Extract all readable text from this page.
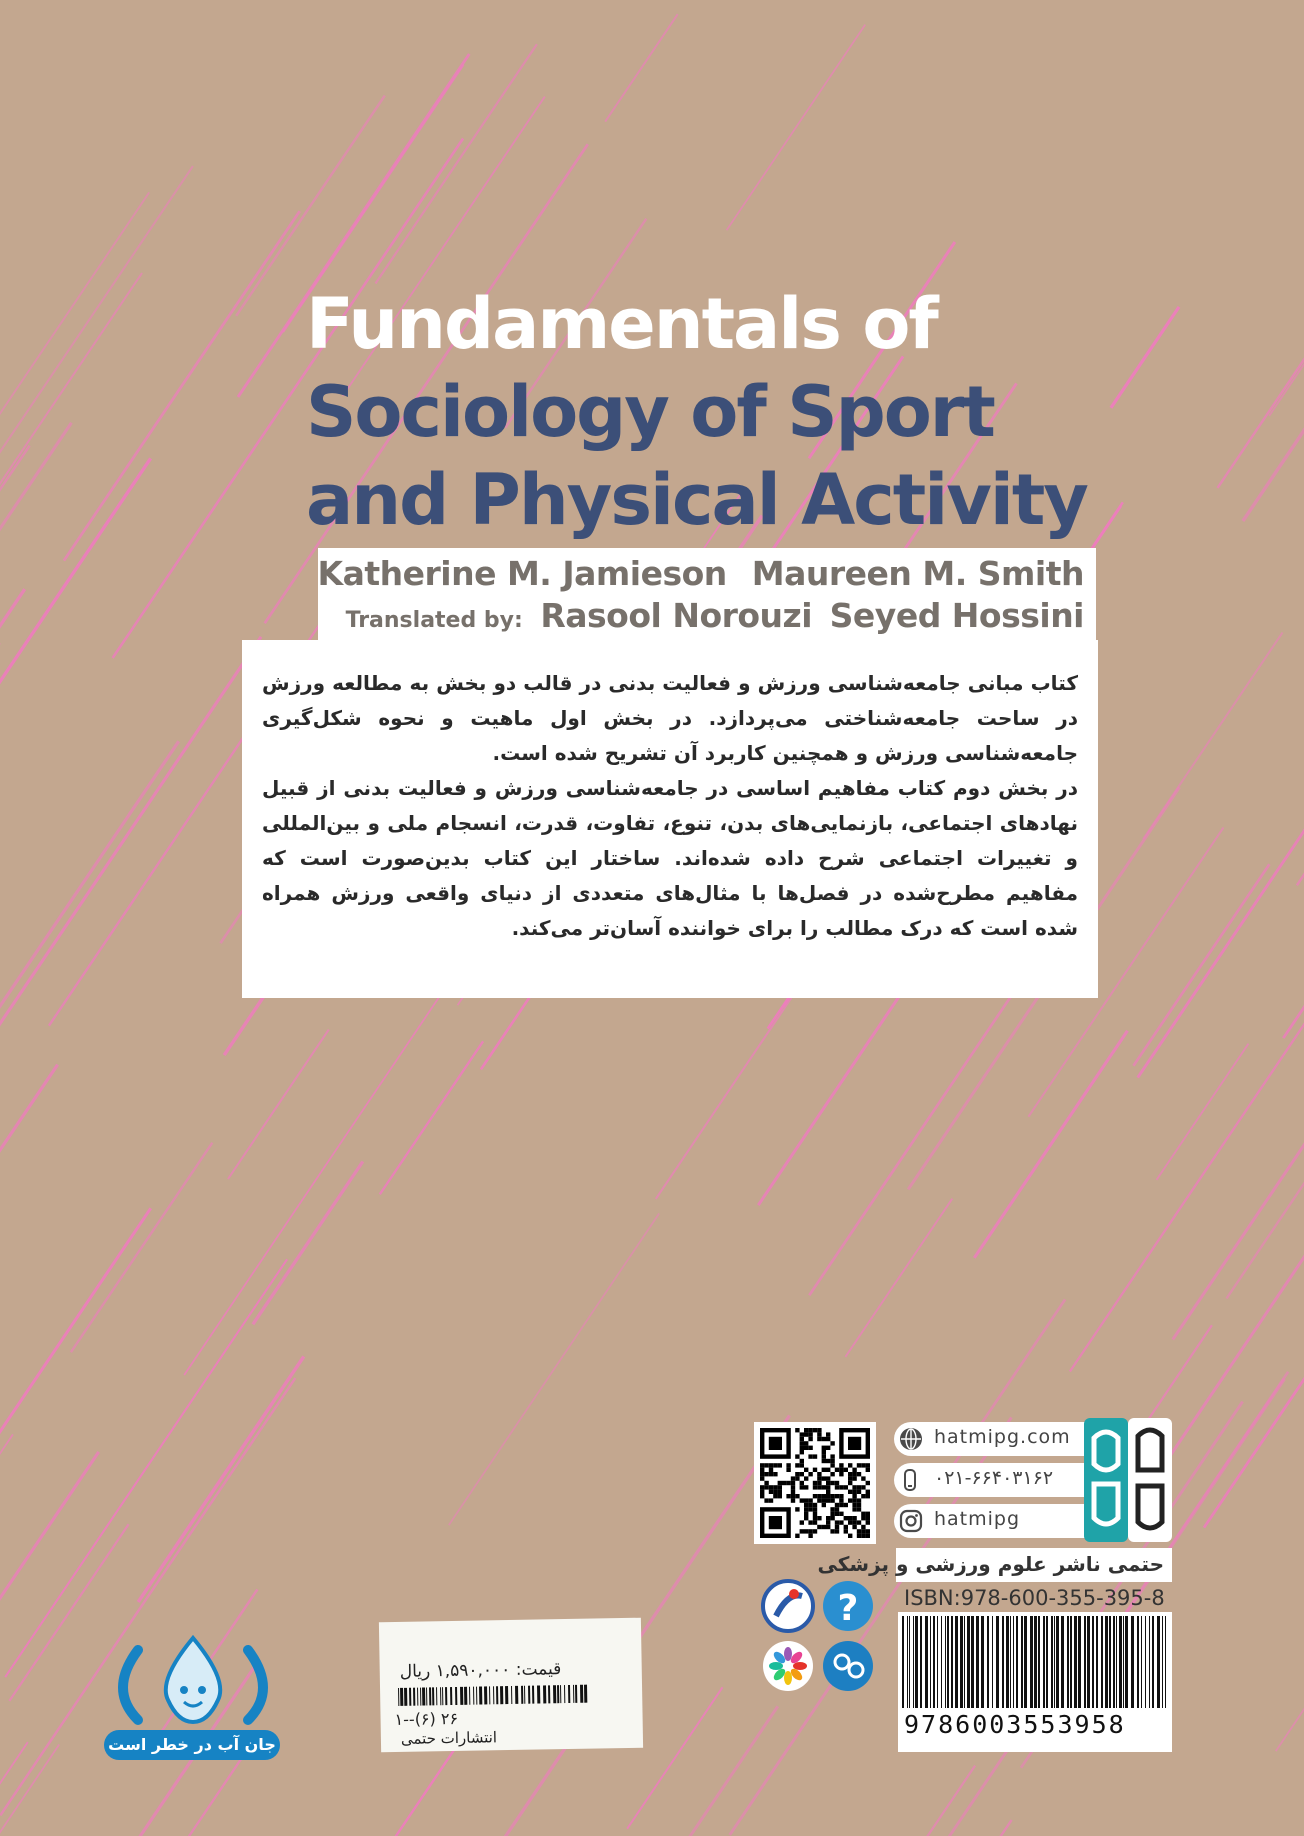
Fundamentals of
Sociology of Sport
and Physical Activity
Katherine M. Jamieson Maureen M. Smith
Translated by: Rasool Norouzi Seyed Hossini

کتاب مبانی جامعه‌شناسی ورزش و فعالیت بدنی در قالب دو بخش به مطالعه ورزش در ساحت جامعه‌شناختی می‌پردازد. در بخش اول ماهیت و نحوه شکل‌گیری جامعه‌شناسی ورزش و همچنین کاربرد آن تشریح شده است.

در بخش دوم کتاب مفاهیم اساسی در جامعه‌شناسی ورزش و فعالیت بدنی از قبیل نهادهای اجتماعی، بازنمایی‌های بدن، تنوع، تفاوت، قدرت، انسجام ملی و بین‌المللی و تغییرات اجتماعی شرح داده شده‌اند. ساختار این کتاب بدین‌صورت است که مفاهیم مطرح‌شده در فصل‌ها با مثال‌های متعددی از دنیای واقعی ورزش همراه شده است که درک مطالب را برای خواننده آسان‌تر می‌کند.

hatmipg.com
۰۲۱-۶۶۴۰۳۱۶۲
hatmipg
حتمی ناشر علوم ورزشی و پزشکی
ISBN:978-600-355-395-8
9786003553958
?
قیمت: ۱,۵۹۰,۰۰۰ ریال
۱--(۶) ۲۶
انتشارات حتمی
جان آب در خطر است
